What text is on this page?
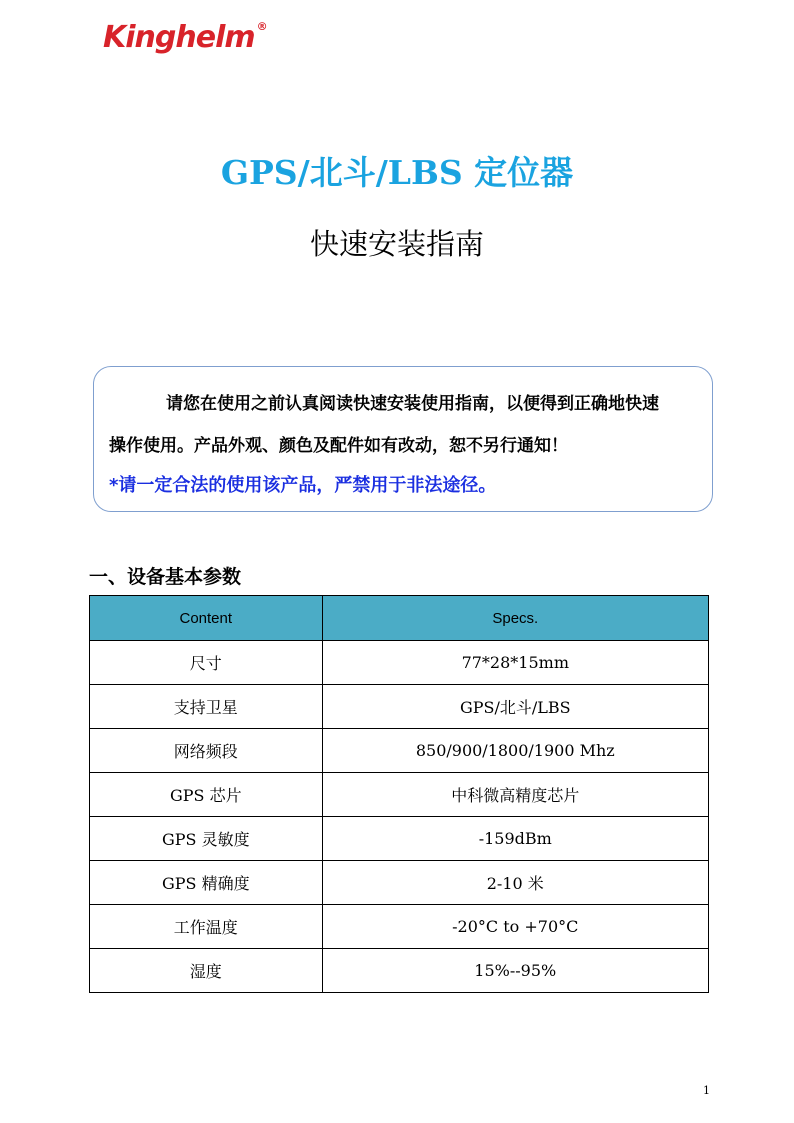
Kinghelm ®
GPS/北斗/LBS 定位器
快速安装指南
请您在使用之前认真阅读快速安装使用指南，以便得到正确地快速
操作使用。产品外观、颜色及配件如有改动，恕不另行通知！
*请一定合法的使用该产品，严禁用于非法途径。
一、设备基本参数
Content	Specs.
尺寸	77*28*15mm
支持卫星	GPS/北斗/LBS
网络频段	850/900/1800/1900 Mhz
GPS 芯片	中科微高精度芯片
GPS 灵敏度	-159dBm
GPS 精确度	2-10 米
工作温度	-20°C to +70°C
湿度	15%--95%
1
